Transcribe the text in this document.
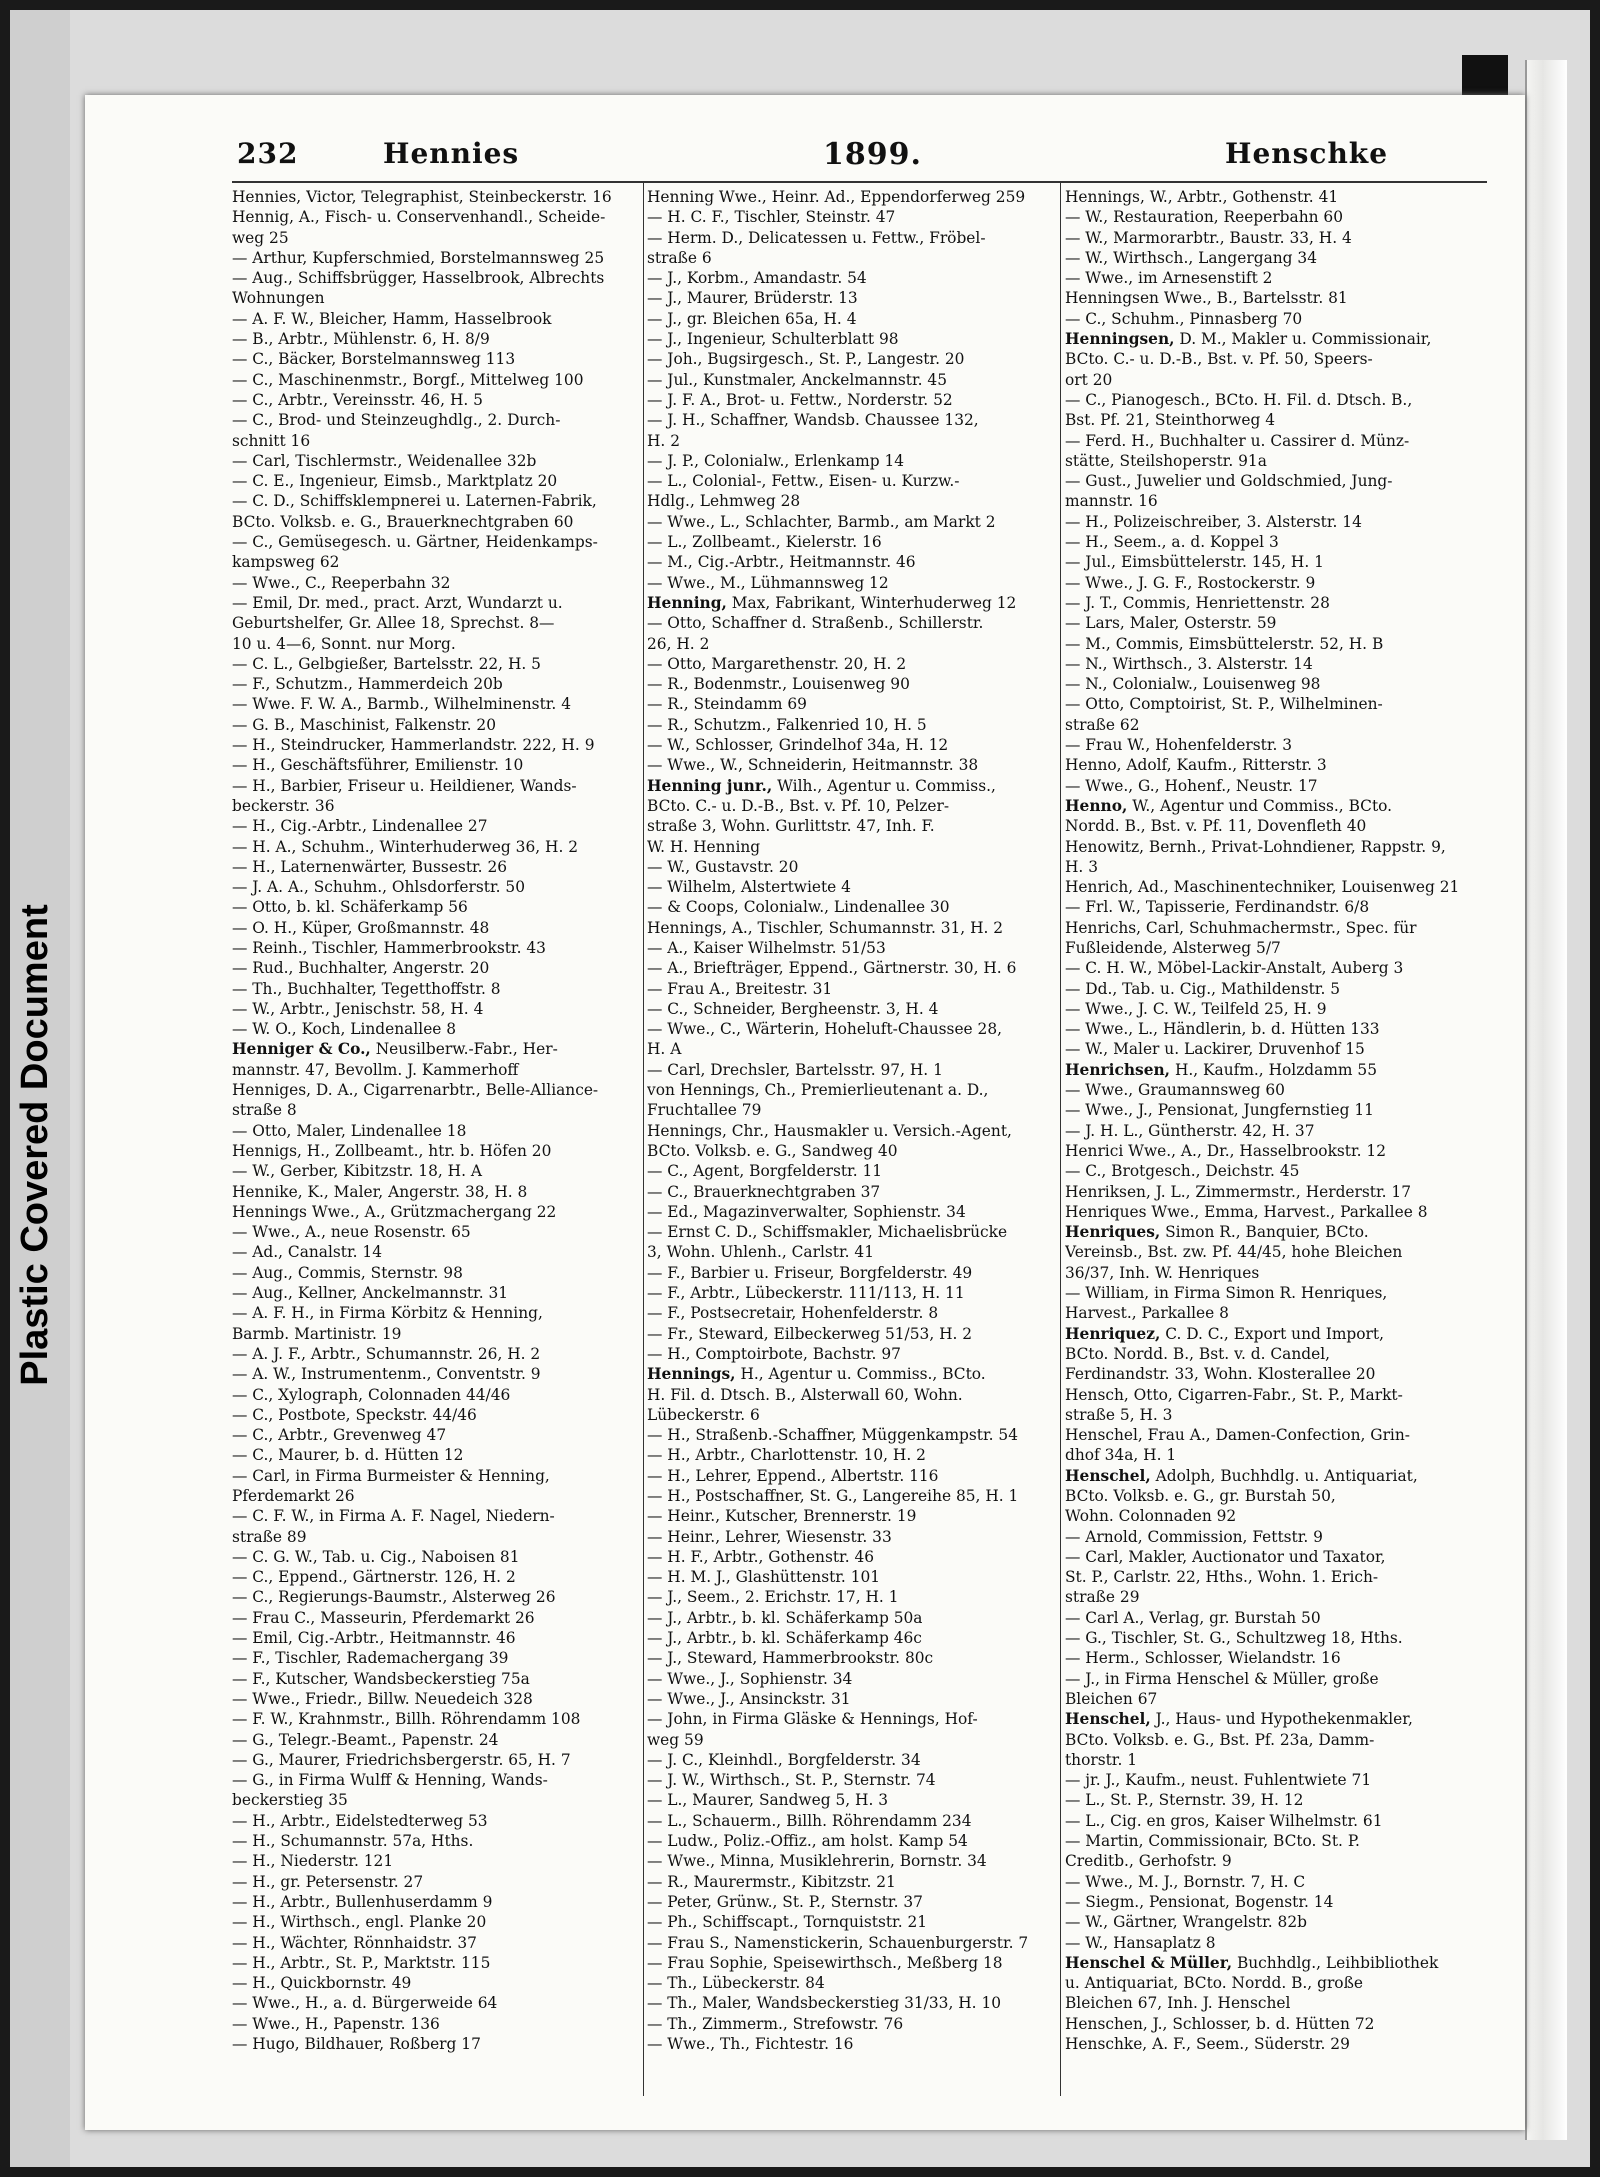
Plastic Covered Document
232	Hennies	1899.	Henschke
Hennies, Victor, Telegraphist, Steinbeckerstr. 16
Hennig, A., Fisch- u. Conservenhandl., Scheide-
weg 25
— Arthur, Kupferschmied, Borstelmannsweg 25
— Aug., Schiffsbrügger, Hasselbrook, Albrechts
Wohnungen
— A. F. W., Bleicher, Hamm, Hasselbrook
— B., Arbtr., Mühlenstr. 6, H. 8/9
— C., Bäcker, Borstelmannsweg 113
— C., Maschinenmstr., Borgf., Mittelweg 100
— C., Arbtr., Vereinsstr. 46, H. 5
— C., Brod- und Steinzeughdlg., 2. Durch-
schnitt 16
— Carl, Tischlermstr., Weidenallee 32b
— C. E., Ingenieur, Eimsb., Marktplatz 20
— C. D., Schiffsklempnerei u. Laternen-Fabrik,
BCto. Volksb. e. G., Brauerknechtgraben 60
— C., Gemüsegesch. u. Gärtner, Heidenkamps-
kampsweg 62
— Wwe., C., Reeperbahn 32
— Emil, Dr. med., pract. Arzt, Wundarzt u.
Geburtshelfer, Gr. Allee 18, Sprechst. 8—
10 u. 4—6, Sonnt. nur Morg.
— C. L., Gelbgießer, Bartelsstr. 22, H. 5
— F., Schutzm., Hammerdeich 20b
— Wwe. F. W. A., Barmb., Wilhelminenstr. 4
— G. B., Maschinist, Falkenstr. 20
— H., Steindrucker, Hammerlandstr. 222, H. 9
— H., Geschäftsführer, Emilienstr. 10
— H., Barbier, Friseur u. Heildiener, Wands-
beckerstr. 36
— H., Cig.-Arbtr., Lindenallee 27
— H. A., Schuhm., Winterhuderweg 36, H. 2
— H., Laternenwärter, Bussestr. 26
— J. A. A., Schuhm., Ohlsdorferstr. 50
— Otto, b. kl. Schäferkamp 56
— O. H., Küper, Großmannstr. 48
— Reinh., Tischler, Hammerbrookstr. 43
— Rud., Buchhalter, Angerstr. 20
— Th., Buchhalter, Tegetthoffstr. 8
— W., Arbtr., Jenischstr. 58, H. 4
— W. O., Koch, Lindenallee 8
Henniger & Co., Neusilberw.-Fabr., Her-
mannstr. 47, Bevollm. J. Kammerhoff
Henniges, D. A., Cigarrenarbtr., Belle-Alliance-
straße 8
— Otto, Maler, Lindenallee 18
Hennigs, H., Zollbeamt., htr. b. Höfen 20
— W., Gerber, Kibitzstr. 18, H. A
Hennike, K., Maler, Angerstr. 38, H. 8
Hennings Wwe., A., Grützmachergang 22
— Wwe., A., neue Rosenstr. 65
— Ad., Canalstr. 14
— Aug., Commis, Sternstr. 98
— Aug., Kellner, Anckelmannstr. 31
— A. F. H., in Firma Körbitz & Henning,
Barmb. Martinistr. 19
— A. J. F., Arbtr., Schumannstr. 26, H. 2
— A. W., Instrumentenm., Conventstr. 9
— C., Xylograph, Colonnaden 44/46
— C., Postbote, Speckstr. 44/46
— C., Arbtr., Grevenweg 47
— C., Maurer, b. d. Hütten 12
— Carl, in Firma Burmeister & Henning,
Pferdemarkt 26
— C. F. W., in Firma A. F. Nagel, Niedern-
straße 89
— C. G. W., Tab. u. Cig., Naboisen 81
— C., Eppend., Gärtnerstr. 126, H. 2
— C., Regierungs-Baumstr., Alsterweg 26
— Frau C., Masseurin, Pferdemarkt 26
— Emil, Cig.-Arbtr., Heitmannstr. 46
— F., Tischler, Rademachergang 39
— F., Kutscher, Wandsbeckerstieg 75a
— Wwe., Friedr., Billw. Neuedeich 328
— F. W., Krahnmstr., Billh. Röhrendamm 108
— G., Telegr.-Beamt., Papenstr. 24
— G., Maurer, Friedrichsbergerstr. 65, H. 7
— G., in Firma Wulff & Henning, Wands-
beckerstieg 35
— H., Arbtr., Eidelstedterweg 53
— H., Schumannstr. 57a, Hths.
— H., Niederstr. 121
— H., gr. Petersenstr. 27
— H., Arbtr., Bullenhuserdamm 9
— H., Wirthsch., engl. Planke 20
— H., Wächter, Rönnhaidstr. 37
— H., Arbtr., St. P., Marktstr. 115
— H., Quickbornstr. 49
— Wwe., H., a. d. Bürgerweide 64
— Wwe., H., Papenstr. 136
— Hugo, Bildhauer, Roßberg 17
Henning Wwe., Heinr. Ad., Eppendorferweg 259
— H. C. F., Tischler, Steinstr. 47
— Herm. D., Delicatessen u. Fettw., Fröbel-
straße 6
— J., Korbm., Amandastr. 54
— J., Maurer, Brüderstr. 13
— J., gr. Bleichen 65a, H. 4
— J., Ingenieur, Schulterblatt 98
— Joh., Bugsirgesch., St. P., Langestr. 20
— Jul., Kunstmaler, Anckelmannstr. 45
— J. F. A., Brot- u. Fettw., Norderstr. 52
— J. H., Schaffner, Wandsb. Chaussee 132,
H. 2
— J. P., Colonialw., Erlenkamp 14
— L., Colonial-, Fettw., Eisen- u. Kurzw.-
Hdlg., Lehmweg 28
— Wwe., L., Schlachter, Barmb., am Markt 2
— L., Zollbeamt., Kielerstr. 16
— M., Cig.-Arbtr., Heitmannstr. 46
— Wwe., M., Lühmannsweg 12
Henning, Max, Fabrikant, Winterhuderweg 12
— Otto, Schaffner d. Straßenb., Schillerstr.
26, H. 2
— Otto, Margarethenstr. 20, H. 2
— R., Bodenmstr., Louisenweg 90
— R., Steindamm 69
— R., Schutzm., Falkenried 10, H. 5
— W., Schlosser, Grindelhof 34a, H. 12
— Wwe., W., Schneiderin, Heitmannstr. 38
Henning junr., Wilh., Agentur u. Commiss.,
BCto. C.- u. D.-B., Bst. v. Pf. 10, Pelzer-
straße 3, Wohn. Gurlittstr. 47, Inh. F.
W. H. Henning
— W., Gustavstr. 20
— Wilhelm, Alstertwiete 4
— & Coops, Colonialw., Lindenallee 30
Hennings, A., Tischler, Schumannstr. 31, H. 2
— A., Kaiser Wilhelmstr. 51/53
— A., Briefträger, Eppend., Gärtnerstr. 30, H. 6
— Frau A., Breitestr. 31
— C., Schneider, Bergheenstr. 3, H. 4
— Wwe., C., Wärterin, Hoheluft-Chaussee 28,
H. A
— Carl, Drechsler, Bartelsstr. 97, H. 1
von Hennings, Ch., Premierlieutenant a. D.,
Fruchtallee 79
Hennings, Chr., Hausmakler u. Versich.-Agent,
BCto. Volksb. e. G., Sandweg 40
— C., Agent, Borgfelderstr. 11
— C., Brauerknechtgraben 37
— Ed., Magazinverwalter, Sophienstr. 34
— Ernst C. D., Schiffsmakler, Michaelisbrücke
3, Wohn. Uhlenh., Carlstr. 41
— F., Barbier u. Friseur, Borgfelderstr. 49
— F., Arbtr., Lübeckerstr. 111/113, H. 11
— F., Postsecretair, Hohenfelderstr. 8
— Fr., Steward, Eilbeckerweg 51/53, H. 2
— H., Comptoirbote, Bachstr. 97
Hennings, H., Agentur u. Commiss., BCto.
H. Fil. d. Dtsch. B., Alsterwall 60, Wohn.
Lübeckerstr. 6
— H., Straßenb.-Schaffner, Müggenkampstr. 54
— H., Arbtr., Charlottenstr. 10, H. 2
— H., Lehrer, Eppend., Albertstr. 116
— H., Postschaffner, St. G., Langereihe 85, H. 1
— Heinr., Kutscher, Brennerstr. 19
— Heinr., Lehrer, Wiesenstr. 33
— H. F., Arbtr., Gothenstr. 46
— H. M. J., Glashüttenstr. 101
— J., Seem., 2. Erichstr. 17, H. 1
— J., Arbtr., b. kl. Schäferkamp 50a
— J., Arbtr., b. kl. Schäferkamp 46c
— J., Steward, Hammerbrookstr. 80c
— Wwe., J., Sophienstr. 34
— Wwe., J., Ansinckstr. 31
— John, in Firma Gläske & Hennings, Hof-
weg 59
— J. C., Kleinhdl., Borgfelderstr. 34
— J. W., Wirthsch., St. P., Sternstr. 74
— L., Maurer, Sandweg 5, H. 3
— L., Schauerm., Billh. Röhrendamm 234
— Ludw., Poliz.-Offiz., am holst. Kamp 54
— Wwe., Minna, Musiklehrerin, Bornstr. 34
— R., Maurermstr., Kibitzstr. 21
— Peter, Grünw., St. P., Sternstr. 37
— Ph., Schiffscapt., Tornquiststr. 21
— Frau S., Namenstickerin, Schauenburgerstr. 7
— Frau Sophie, Speisewirthsch., Meßberg 18
— Th., Lübeckerstr. 84
— Th., Maler, Wandsbeckerstieg 31/33, H. 10
— Th., Zimmerm., Strefowstr. 76
— Wwe., Th., Fichtestr. 16
Hennings, W., Arbtr., Gothenstr. 41
— W., Restauration, Reeperbahn 60
— W., Marmorarbtr., Baustr. 33, H. 4
— W., Wirthsch., Langergang 34
— Wwe., im Arnesenstift 2
Henningsen Wwe., B., Bartelsstr. 81
— C., Schuhm., Pinnasberg 70
Henningsen, D. M., Makler u. Commissionair,
BCto. C.- u. D.-B., Bst. v. Pf. 50, Speers-
ort 20
— C., Pianogesch., BCto. H. Fil. d. Dtsch. B.,
Bst. Pf. 21, Steinthorweg 4
— Ferd. H., Buchhalter u. Cassirer d. Münz-
stätte, Steilshoperstr. 91a
— Gust., Juwelier und Goldschmied, Jung-
mannstr. 16
— H., Polizeischreiber, 3. Alsterstr. 14
— H., Seem., a. d. Koppel 3
— Jul., Eimsbüttelerstr. 145, H. 1
— Wwe., J. G. F., Rostockerstr. 9
— J. T., Commis, Henriettenstr. 28
— Lars, Maler, Osterstr. 59
— M., Commis, Eimsbüttelerstr. 52, H. B
— N., Wirthsch., 3. Alsterstr. 14
— N., Colonialw., Louisenweg 98
— Otto, Comptoirist, St. P., Wilhelminen-
straße 62
— Frau W., Hohenfelderstr. 3
Henno, Adolf, Kaufm., Ritterstr. 3
— Wwe., G., Hohenf., Neustr. 17
Henno, W., Agentur und Commiss., BCto.
Nordd. B., Bst. v. Pf. 11, Dovenfleth 40
Henowitz, Bernh., Privat-Lohndiener, Rappstr. 9,
H. 3
Henrich, Ad., Maschinentechniker, Louisenweg 21
— Frl. W., Tapisserie, Ferdinandstr. 6/8
Henrichs, Carl, Schuhmachermstr., Spec. für
Fußleidende, Alsterweg 5/7
— C. H. W., Möbel-Lackir-Anstalt, Auberg 3
— Dd., Tab. u. Cig., Mathildenstr. 5
— Wwe., J. C. W., Teilfeld 25, H. 9
— Wwe., L., Händlerin, b. d. Hütten 133
— W., Maler u. Lackirer, Druvenhof 15
Henrichsen, H., Kaufm., Holzdamm 55
— Wwe., Graumannsweg 60
— Wwe., J., Pensionat, Jungfernstieg 11
— J. H. L., Güntherstr. 42, H. 37
Henrici Wwe., A., Dr., Hasselbrookstr. 12
— C., Brotgesch., Deichstr. 45
Henriksen, J. L., Zimmermstr., Herderstr. 17
Henriques Wwe., Emma, Harvest., Parkallee 8
Henriques, Simon R., Banquier, BCto.
Vereinsb., Bst. zw. Pf. 44/45, hohe Bleichen
36/37, Inh. W. Henriques
— William, in Firma Simon R. Henriques,
Harvest., Parkallee 8
Henriquez, C. D. C., Export und Import,
BCto. Nordd. B., Bst. v. d. Candel,
Ferdinandstr. 33, Wohn. Klosterallee 20
Hensch, Otto, Cigarren-Fabr., St. P., Markt-
straße 5, H. 3
Henschel, Frau A., Damen-Confection, Grin-
dhof 34a, H. 1
Henschel, Adolph, Buchhdlg. u. Antiquariat,
BCto. Volksb. e. G., gr. Burstah 50,
Wohn. Colonnaden 92
— Arnold, Commission, Fettstr. 9
— Carl, Makler, Auctionator und Taxator,
St. P., Carlstr. 22, Hths., Wohn. 1. Erich-
straße 29
— Carl A., Verlag, gr. Burstah 50
— G., Tischler, St. G., Schultzweg 18, Hths.
— Herm., Schlosser, Wielandstr. 16
— J., in Firma Henschel & Müller, große
Bleichen 67
Henschel, J., Haus- und Hypothekenmakler,
BCto. Volksb. e. G., Bst. Pf. 23a, Damm-
thorstr. 1
— jr. J., Kaufm., neust. Fuhlentwiete 71
— L., St. P., Sternstr. 39, H. 12
— L., Cig. en gros, Kaiser Wilhelmstr. 61
— Martin, Commissionair, BCto. St. P.
Creditb., Gerhofstr. 9
— Wwe., M. J., Bornstr. 7, H. C
— Siegm., Pensionat, Bogenstr. 14
— W., Gärtner, Wrangelstr. 82b
— W., Hansaplatz 8
Henschel & Müller, Buchhdlg., Leihbibliothek
u. Antiquariat, BCto. Nordd. B., große
Bleichen 67, Inh. J. Henschel
Henschen, J., Schlosser, b. d. Hütten 72
Henschke, A. F., Seem., Süderstr. 29
